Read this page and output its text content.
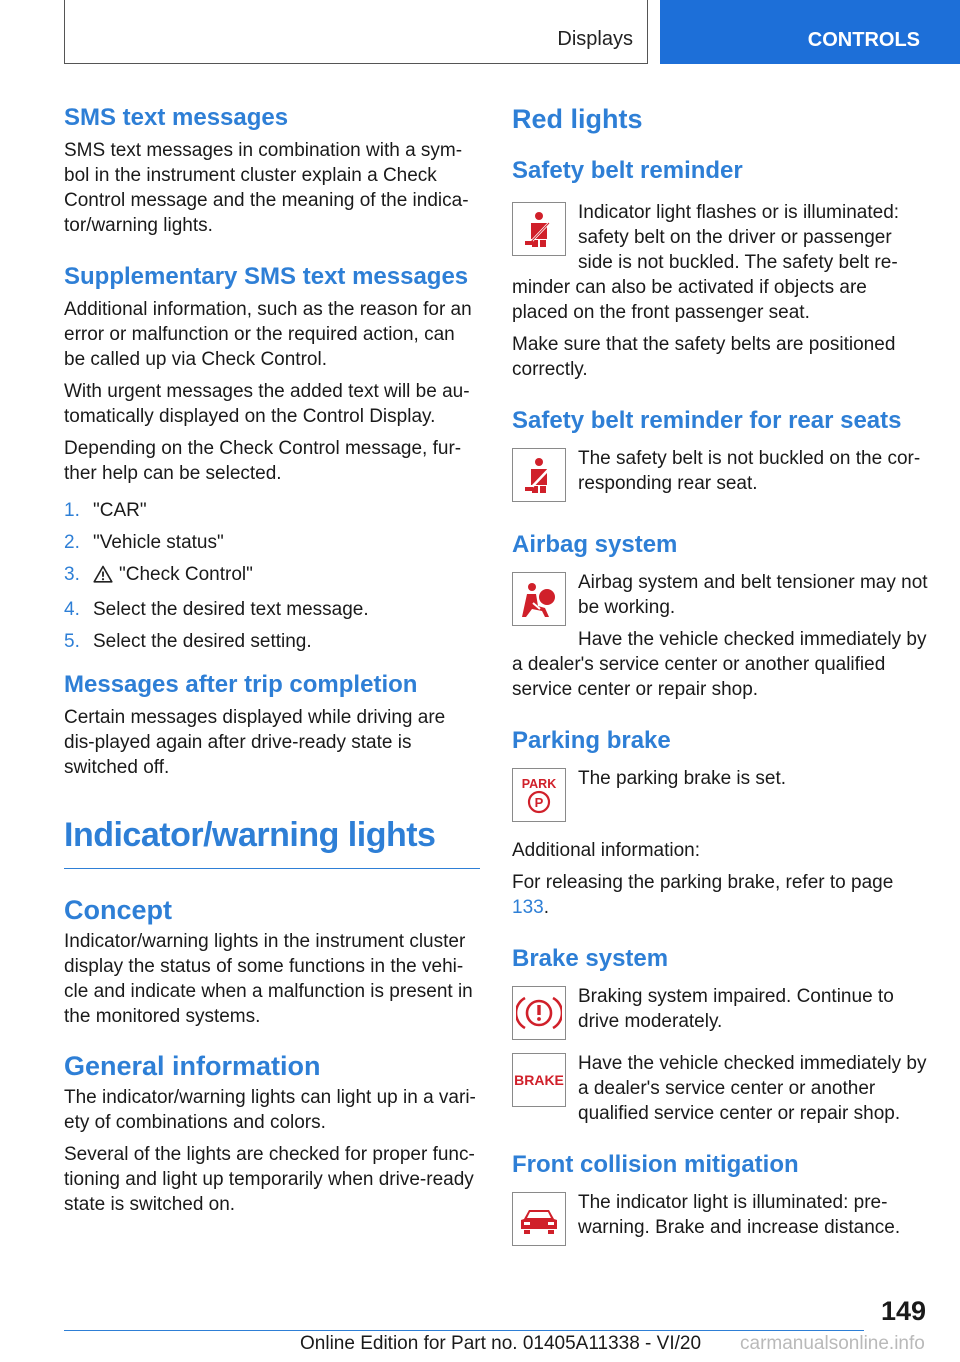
Displays	CONTROLS
SMS text messages

SMS text messages in combination with a sym-bol in the instrument cluster explain a Check Control message and the meaning of the indica-tor/warning lights.

Supplementary SMS text messages

Additional information, such as the reason for an error or malfunction or the required action, can be called up via Check Control.

With urgent messages the added text will be au-tomatically displayed on the Control Display.

Depending on the Check Control message, fur-ther help can be selected.

1. "CAR"
2. "Vehicle status"
3. "Check Control"
4. Select the desired text message.
5. Select the desired setting.
Messages after trip completion

Certain messages displayed while driving are dis-played again after drive-ready state is switched off.

Indicator/warning lights
Concept

Indicator/warning lights in the instrument cluster display the status of some functions in the vehi-cle and indicate when a malfunction is present in the monitored systems.

General information

The indicator/warning lights can light up in a vari-ety of combinations and colors.

Several of the lights are checked for proper func-tioning and light up temporarily when drive-ready state is switched on.

Red lights
Safety belt reminder

Indicator light flashes or is illuminated: safety belt on the driver or passenger side is not buckled. The safety belt re-minder can also be activated if objects are placed on the front passenger seat.

Make sure that the safety belts are positioned correctly.

Safety belt reminder for rear seats

The safety belt is not buckled on the cor-responding rear seat.

Airbag system

Airbag system and belt tensioner may not be working.

Have the vehicle checked immediately by a dealer's service center or another qualified service center or repair shop.

Parking brake
PARK
P

The parking brake is set.

Additional information:

For releasing the parking brake, refer to page 133.

Brake system

Braking system impaired. Continue to drive moderately.

BRAKE

Have the vehicle checked immediately by a dealer's service center or another qualified service center or repair shop.

Front collision mitigation

The indicator light is illuminated: pre-warning. Brake and increase distance.

149
Online Edition for Part no. 01405A11338 - VI/20 carmanualsonline.info
